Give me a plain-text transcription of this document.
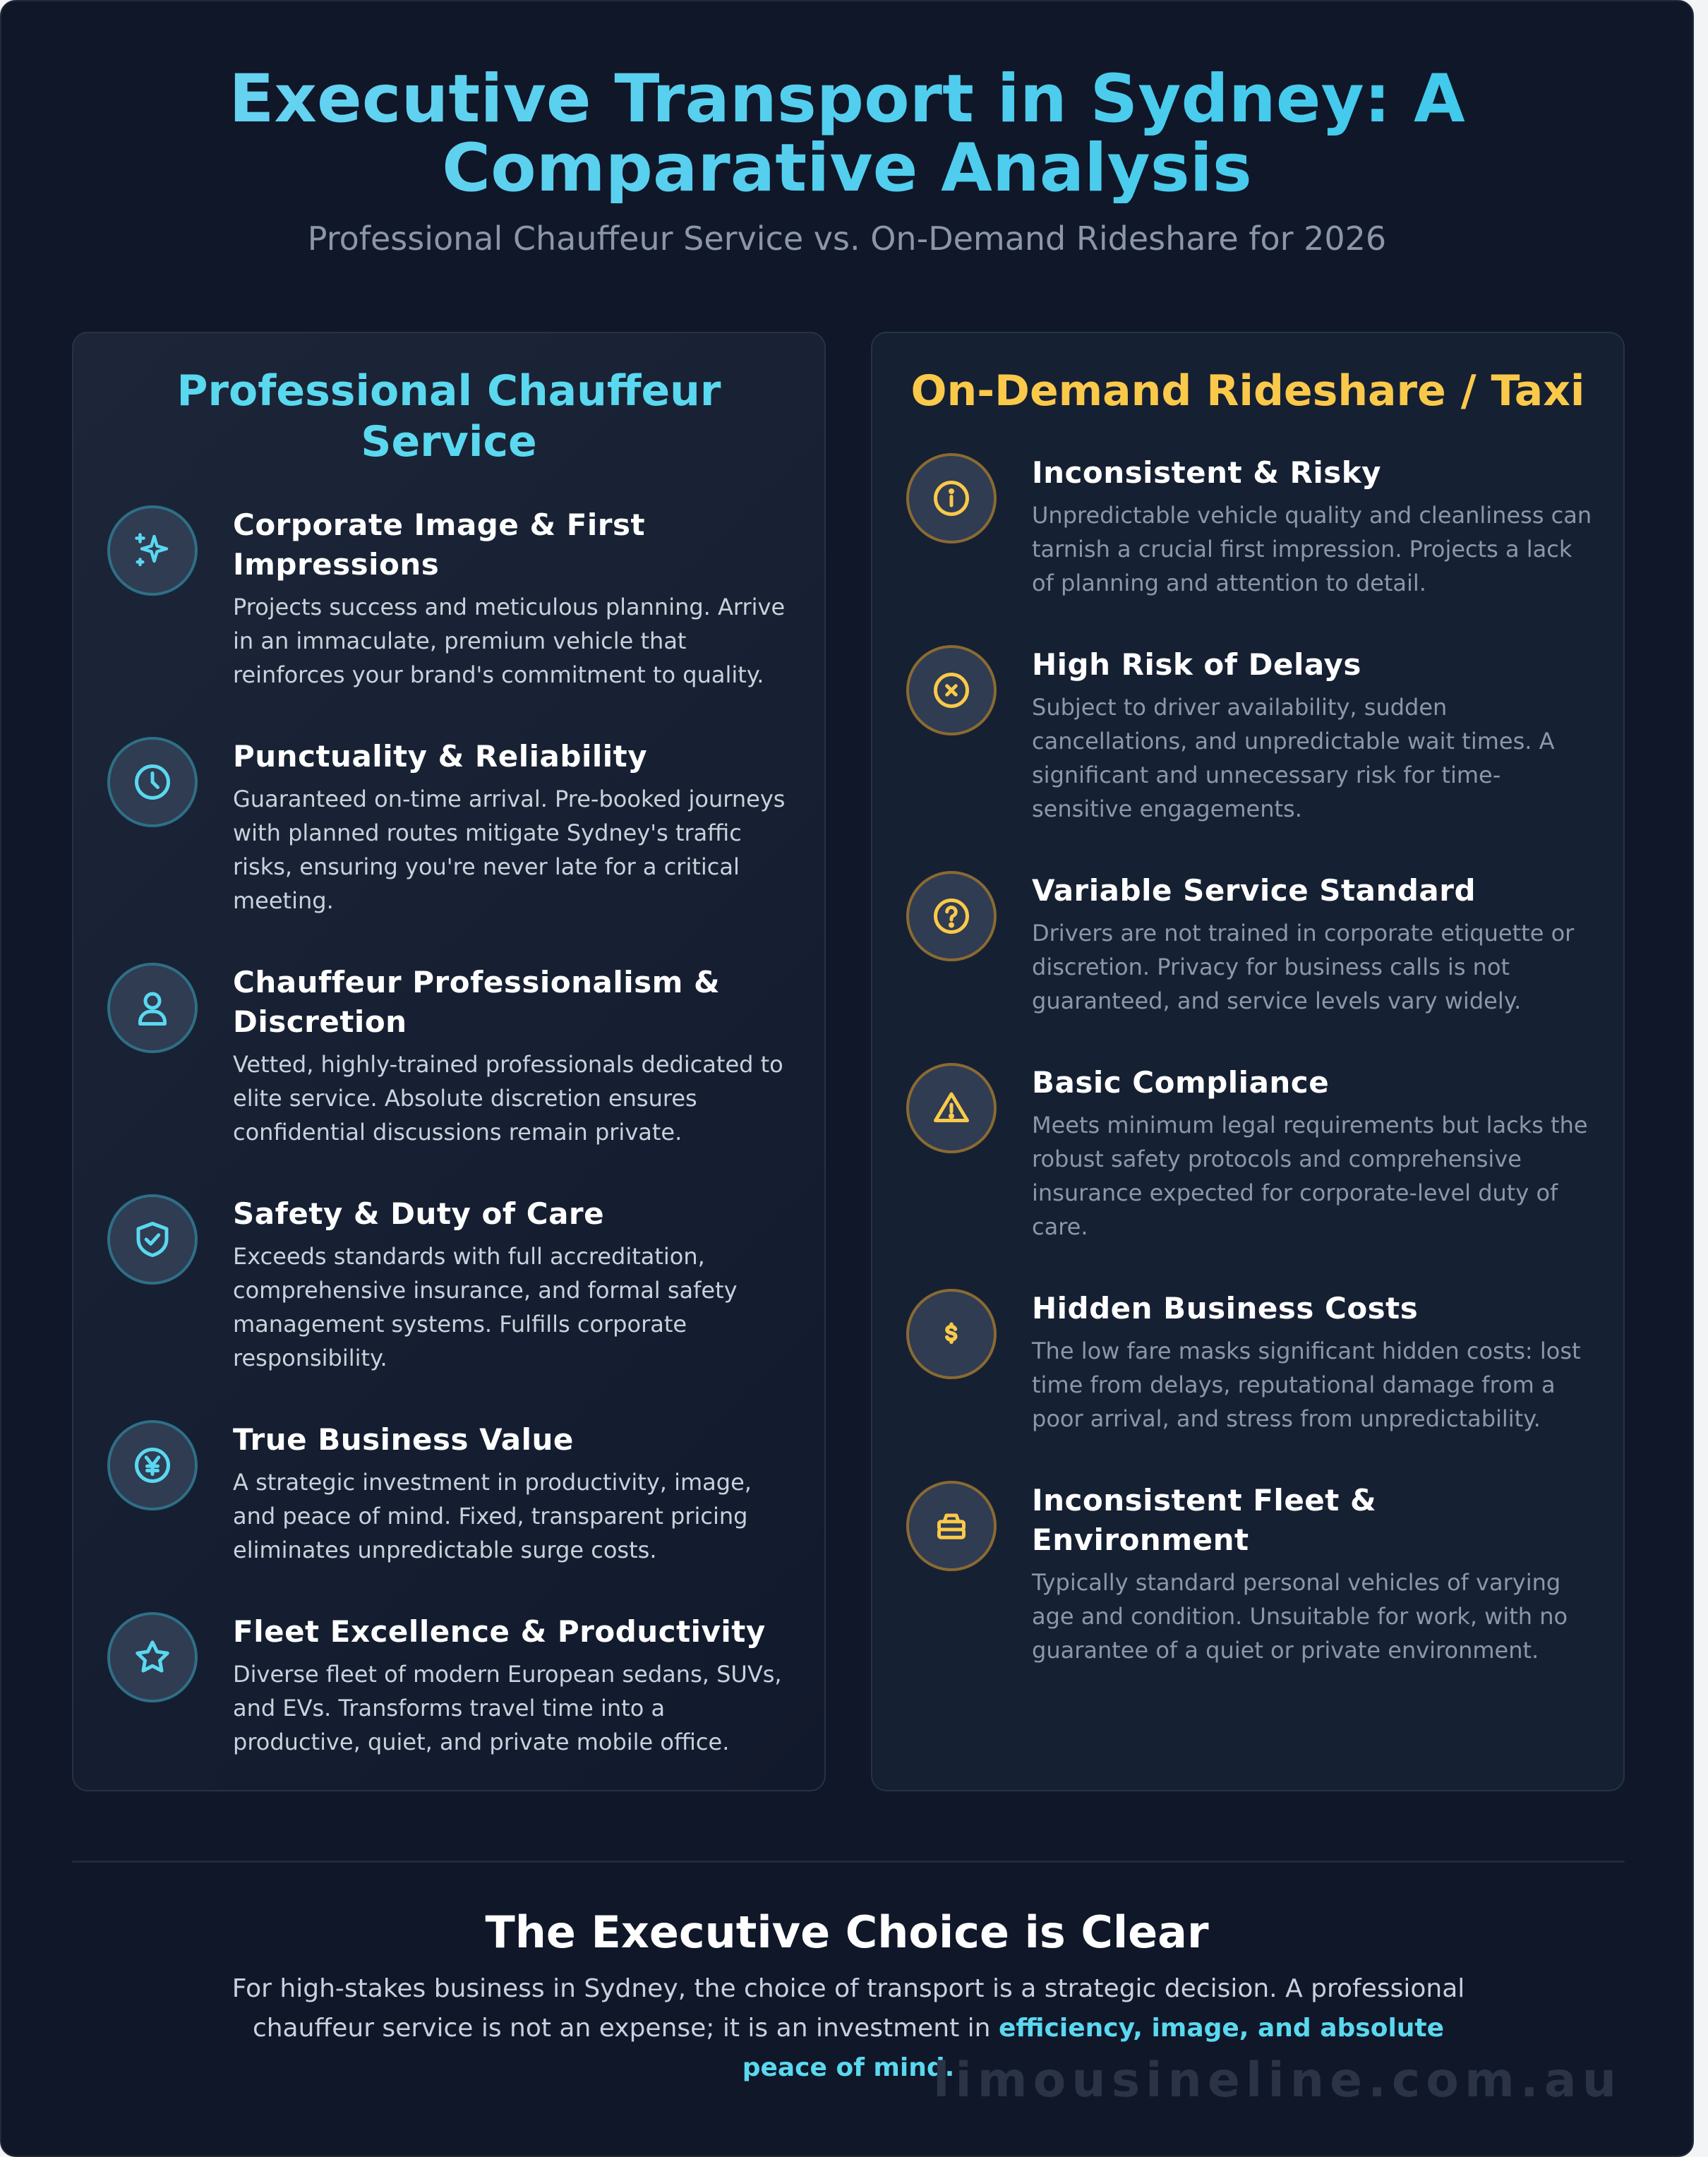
Executive Transport in Sydney: A Comparative Analysis
Professional Chauffeur Service vs. On-Demand Rideshare for 2026
Professional Chauffeur Service
Corporate Image & First Impressions
Projects success and meticulous planning. Arrive in an immaculate, premium vehicle that reinforces your brand's commitment to quality.
Punctuality & Reliability
Guaranteed on-time arrival. Pre-booked journeys with planned routes mitigate Sydney's traffic risks, ensuring you're never late for a critical meeting.
Chauffeur Professionalism & Discretion
Vetted, highly-trained professionals dedicated to elite service. Absolute discretion ensures confidential discussions remain private.
Safety & Duty of Care
Exceeds standards with full accreditation, comprehensive insurance, and formal safety management systems. Fulfills corporate responsibility.
True Business Value
A strategic investment in productivity, image, and peace of mind. Fixed, transparent pricing eliminates unpredictable surge costs.
Fleet Excellence & Productivity
Diverse fleet of modern European sedans, SUVs, and EVs. Transforms travel time into a productive, quiet, and private mobile office.
On-Demand Rideshare / Taxi
Inconsistent & Risky
Unpredictable vehicle quality and cleanliness can tarnish a crucial first impression. Projects a lack of planning and attention to detail.
High Risk of Delays
Subject to driver availability, sudden cancellations, and unpredictable wait times. A significant and unnecessary risk for time-sensitive engagements.
Variable Service Standard
Drivers are not trained in corporate etiquette or discretion. Privacy for business calls is not guaranteed, and service levels vary widely.
Basic Compliance
Meets minimum legal requirements but lacks the robust safety protocols and comprehensive insurance expected for corporate-level duty of care.
Hidden Business Costs
The low fare masks significant hidden costs: lost time from delays, reputational damage from a poor arrival, and stress from unpredictability.
Inconsistent Fleet & Environment
Typically standard personal vehicles of varying age and condition. Unsuitable for work, with no guarantee of a quiet or private environment.
The Executive Choice is Clear
For high-stakes business in Sydney, the choice of transport is a strategic decision. A professional chauffeur service is not an expense; it is an investment in efficiency, image, and absolute peace of mind.
limousineline.com.au
